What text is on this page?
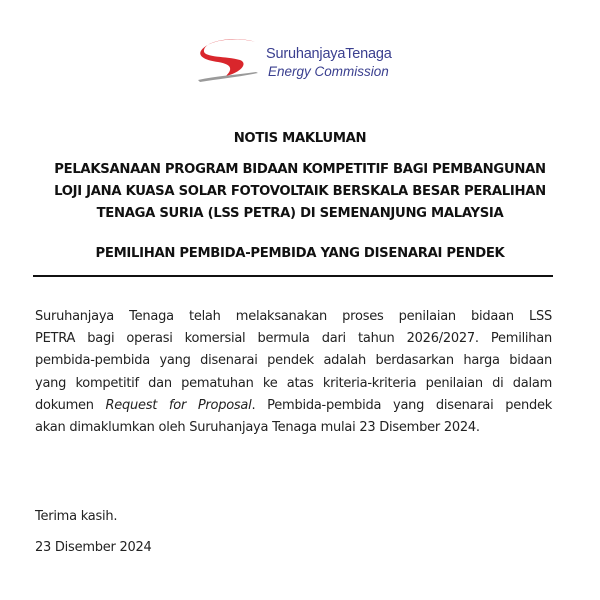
SuruhanjayaTenaga
Energy Commission
NOTIS MAKLUMAN
PELAKSANAAN PROGRAM BIDAAN KOMPETITIF BAGI PEMBANGUNAN
LOJI JANA KUASA SOLAR FOTOVOLTAIK BERSKALA BESAR PERALIHAN
TENAGA SURIA (LSS PETRA) DI SEMENANJUNG MALAYSIA
PEMILIHAN PEMBIDA-PEMBIDA YANG DISENARAI PENDEK
Suruhanjaya Tenaga telah melaksanakan proses penilaian bidaan LSS
PETRA bagi operasi komersial bermula dari tahun 2026/2027. Pemilihan
pembida-pembida yang disenarai pendek adalah berdasarkan harga bidaan
yang kompetitif dan pematuhan ke atas kriteria-kriteria penilaian di dalam
dokumen Request for Proposal. Pembida-pembida yang disenarai pendek
akan dimaklumkan oleh Suruhanjaya Tenaga mulai 23 Disember 2024.
Terima kasih.
23 Disember 2024
